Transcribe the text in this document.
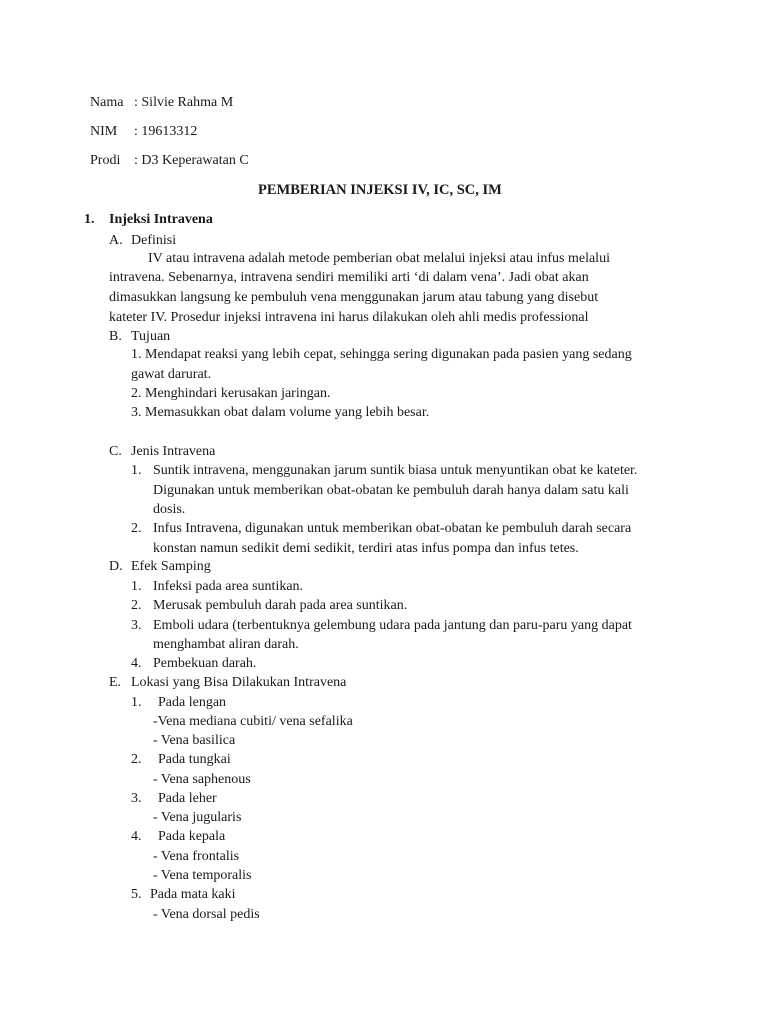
Nama : Silvie Rahma M
NIM : 19613312
Prodi : D3 Keperawatan C
PEMBERIAN INJEKSI IV, IC, SC, IM
1. Injeksi Intravena
A. Definisi
IV atau intravena adalah metode pemberian obat melalui injeksi atau infus melalui
intravena. Sebenarnya, intravena sendiri memiliki arti ‘di dalam vena’. Jadi obat akan
dimasukkan langsung ke pembuluh vena menggunakan jarum atau tabung yang disebut
kateter IV. Prosedur injeksi intravena ini harus dilakukan oleh ahli medis professional
B. Tujuan
1. Mendapat reaksi yang lebih cepat, sehingga sering digunakan pada pasien yang sedang
gawat darurat.
2. Menghindari kerusakan jaringan.
3. Memasukkan obat dalam volume yang lebih besar.
C. Jenis Intravena
1. Suntik intravena, menggunakan jarum suntik biasa untuk menyuntikan obat ke kateter.
Digunakan untuk memberikan obat-obatan ke pembuluh darah hanya dalam satu kali
dosis.
2. Infus Intravena, digunakan untuk memberikan obat-obatan ke pembuluh darah secara
konstan namun sedikit demi sedikit, terdiri atas infus pompa dan infus tetes.
D. Efek Samping
1. Infeksi pada area suntikan.
2. Merusak pembuluh darah pada area suntikan.
3. Emboli udara (terbentuknya gelembung udara pada jantung dan paru-paru yang dapat
menghambat aliran darah.
4. Pembekuan darah.
E. Lokasi yang Bisa Dilakukan Intravena
1. Pada lengan
-Vena mediana cubiti/ vena sefalika
- Vena basilica
2. Pada tungkai
- Vena saphenous
3. Pada leher
- Vena jugularis
4. Pada kepala
- Vena frontalis
- Vena temporalis
5. Pada mata kaki
- Vena dorsal pedis
